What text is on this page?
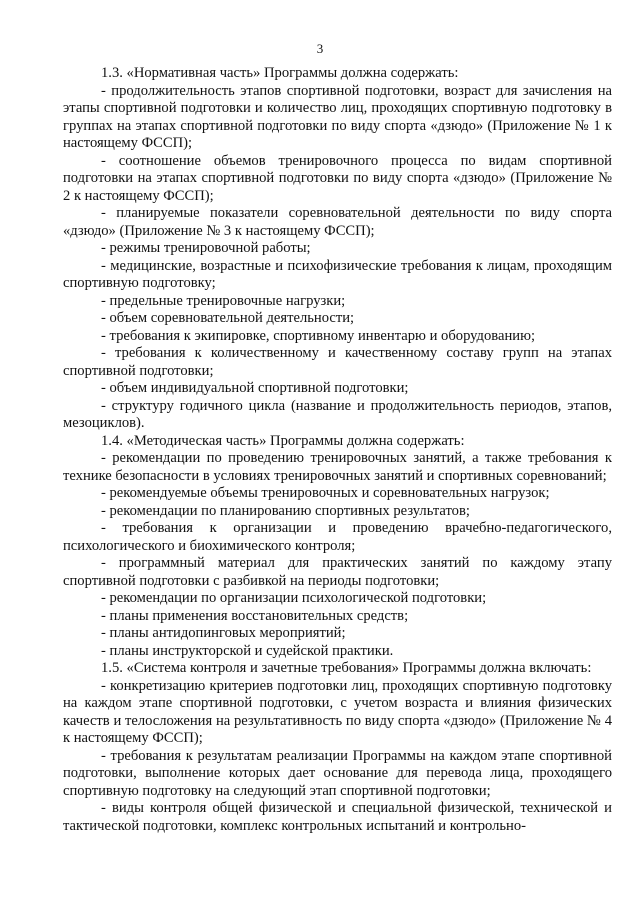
3

1.3. «Нормативная часть» Программы должна содержать:

- продолжительность этапов спортивной подготовки, возраст для зачисления на этапы спортивной подготовки и количество лиц, проходящих спортивную подготовку в группах на этапах спортивной подготовки по виду спорта «дзюдо» (Приложение № 1 к настоящему ФССП);

- соотношение объемов тренировочного процесса по видам спортивной подготовки на этапах спортивной подготовки по виду спорта «дзюдо» (Приложение № 2 к настоящему ФССП);

- планируемые показатели соревновательной деятельности по виду спорта «дзюдо» (Приложение № 3 к настоящему ФССП);

- режимы тренировочной работы;

- медицинские, возрастные и психофизические требования к лицам, проходящим спортивную подготовку;

- предельные тренировочные нагрузки;

- объем соревновательной деятельности;

- требования к экипировке, спортивному инвентарю и оборудованию;

- требования к количественному и качественному составу групп на этапах спортивной подготовки;

- объем индивидуальной спортивной подготовки;

- структуру годичного цикла (название и продолжительность периодов, этапов, мезоциклов).

1.4. «Методическая часть» Программы должна содержать:

- рекомендации по проведению тренировочных занятий, а также требования к технике безопасности в условиях тренировочных занятий и спортивных соревнований;

- рекомендуемые объемы тренировочных и соревновательных нагрузок;

- рекомендации по планированию спортивных результатов;

- требования к организации и проведению врачебно-педагогического, психологического и биохимического контроля;

- программный материал для практических занятий по каждому этапу спортивной подготовки с разбивкой на периоды подготовки;

- рекомендации по организации психологической подготовки;

- планы применения восстановительных средств;

- планы антидопинговых мероприятий;

- планы инструкторской и судейской практики.

1.5. «Система контроля и зачетные требования» Программы должна включать:

- конкретизацию критериев подготовки лиц, проходящих спортивную подготовку на каждом этапе спортивной подготовки, с учетом возраста и влияния физических качеств и телосложения на результативность по виду спорта «дзюдо» (Приложение № 4 к настоящему ФССП);

- требования к результатам реализации Программы на каждом этапе спортивной подготовки, выполнение которых дает основание для перевода лица, проходящего спортивную подготовку на следующий этап спортивной подготовки;

- виды контроля общей физической и специальной физической, технической и тактической подготовки, комплекс контрольных испытаний и контрольно-
